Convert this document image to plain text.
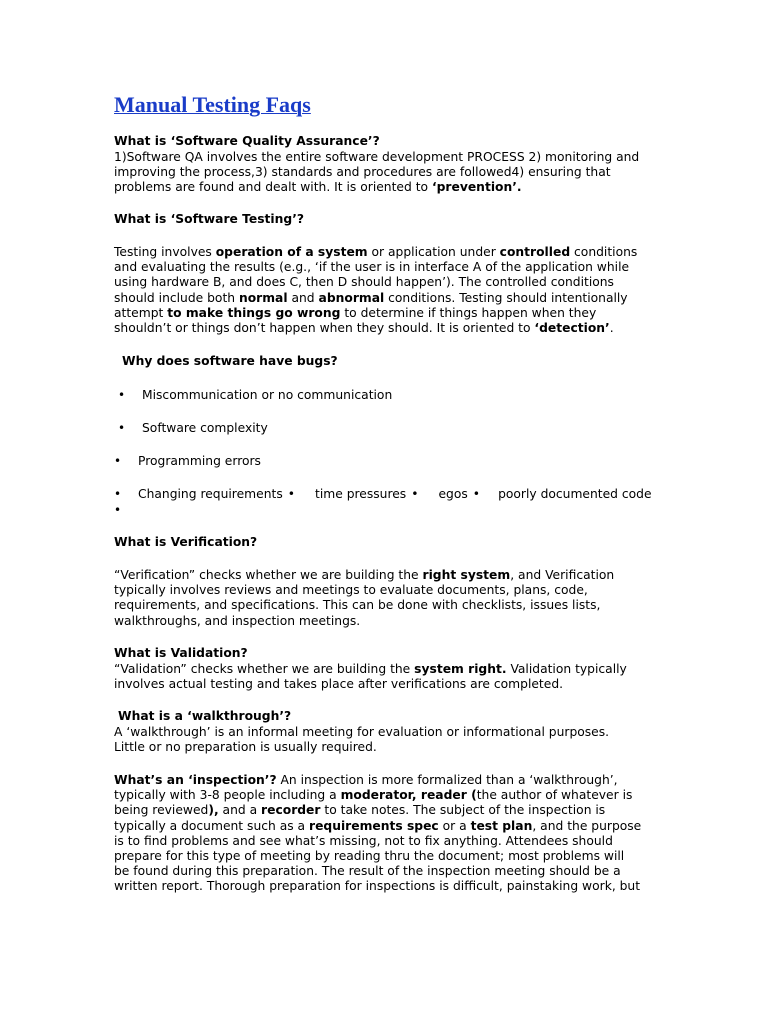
Manual Testing Faqs
What is ‘Software Quality Assurance’?
1)Software QA involves the entire software development PROCESS 2) monitoring and
improving the process,3) standards and procedures are followed4) ensuring that
problems are found and dealt with. It is oriented to ‘prevention’.
What is ‘Software Testing’?
Testing involves operation of a system or application under controlled conditions
and evaluating the results (e.g., ‘if the user is in interface A of the application while
using hardware B, and does C, then D should happen’). The controlled conditions
should include both normal and abnormal conditions. Testing should intentionally
attempt to make things go wrong to determine if things happen when they
shouldn’t or things don’t happen when they should. It is oriented to ‘detection’.
Why does software have bugs?
•	Miscommunication or no communication
•	Software complexity
•	Programming errors
•	Changing requirements • time pressures • egos • poorly documented code
•
What is Verification?
“Verification” checks whether we are building the right system, and Verification
typically involves reviews and meetings to evaluate documents, plans, code,
requirements, and specifications. This can be done with checklists, issues lists,
walkthroughs, and inspection meetings.
What is Validation?
“Validation” checks whether we are building the system right. Validation typically
involves actual testing and takes place after verifications are completed.
What is a ‘walkthrough’?
A ‘walkthrough’ is an informal meeting for evaluation or informational purposes.
Little or no preparation is usually required.
What’s an ‘inspection’? An inspection is more formalized than a ‘walkthrough’,
typically with 3-8 people including a moderator, reader (the author of whatever is
being reviewed), and a recorder to take notes. The subject of the inspection is
typically a document such as a requirements spec or a test plan, and the purpose
is to find problems and see what’s missing, not to fix anything. Attendees should
prepare for this type of meeting by reading thru the document; most problems will
be found during this preparation. The result of the inspection meeting should be a
written report. Thorough preparation for inspections is difficult, painstaking work, but
